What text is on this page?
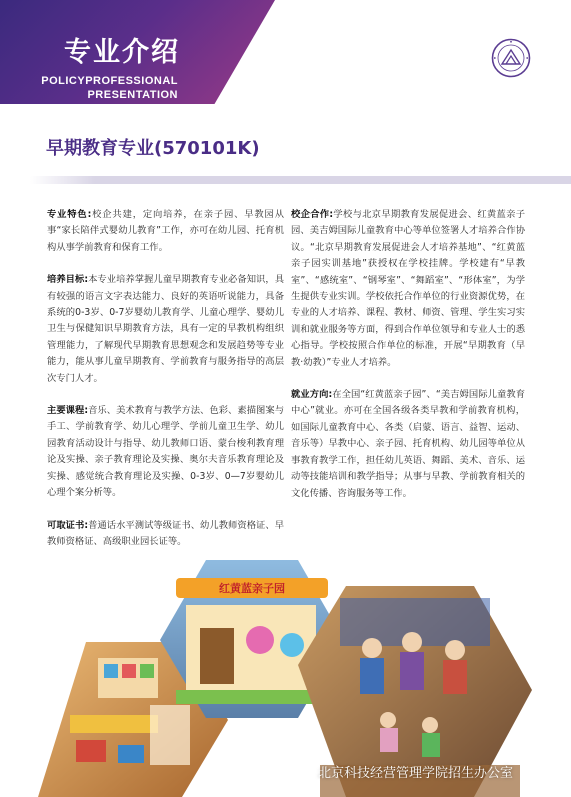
专业介绍
POLICYPROFESSIONAL
PRESENTATION
早期教育专业(570101K)

专业特色:校企共建，定向培养，在亲子园、早教园从事“家长陪伴式婴幼儿教育”工作，亦可在幼儿园、托育机构从事学前教育和保育工作。

培养目标:本专业培养掌握儿童早期教育专业必备知识，具有较强的语言文字表达能力、良好的英语听说能力，具备系统的0-3岁、0-7岁婴幼儿教育学、儿童心理学、婴幼儿卫生与保健知识早期教育方法，具有一定的早教机构组织管理能力，了解现代早期教育思想观念和发展趋势等专业能力，能从事儿童早期教育、学前教育与服务指导的高层次专门人才。

主要课程:音乐、美术教育与教学方法、色彩、素描图案与手工、学前教育学、幼儿心理学、学前儿童卫生学、幼儿园教育活动设计与指导、幼儿教师口语、蒙台梭利教育理论及实操、亲子教育理论及实操、奥尔夫音乐教育理论及实操、感觉统合教育理论及实操、0-3岁、0—7岁婴幼儿心理个案分析等。

可取证书:普通话水平测试等级证书、幼儿教师资格证、早教师资格证、高级职业园长证等。

校企合作:学校与北京早期教育发展促进会、红黄蓝亲子园、美吉姆国际儿童教育中心等单位签署人才培养合作协议。“北京早期教育发展促进会人才培养基地”、“红黄蓝亲子园实训基地”获授权在学校挂牌。学校建有“早教室”、“感统室”、“钢琴室”、“舞蹈室”、“形体室”，为学生提供专业实训。学校依托合作单位的行业资源优势，在专业的人才培养、课程、教材、师资、管理、学生实习实训和就业服务等方面，得到合作单位领导和专业人士的悉心指导。学校按照合作单位的标准，开展“早期教育（早教·幼教）”专业人才培养。

就业方向:在全国“红黄蓝亲子园”、“美吉姆国际儿童教育中心”就业。亦可在全国各级各类早教和学前教育机构，如国际儿童教育中心、各类（启蒙、语言、益智、运动、音乐等）早教中心、亲子园、托育机构、幼儿园等单位从事教育教学工作，担任幼儿英语、舞蹈、美术、音乐、运动等技能培训和教学指导；从事与早教、学前教育相关的文化传播、咨询服务等工作。

红黄蓝亲子园
北京科技经营管理学院招生办公室
